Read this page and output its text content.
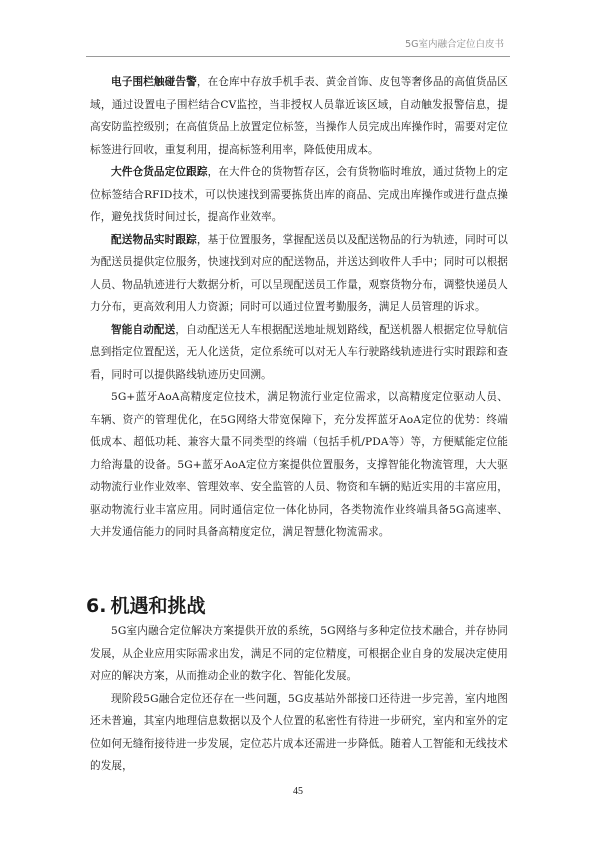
5G室内融合定位白皮书

电子围栏触碰告警，在仓库中存放手机手表、黄金首饰、皮包等奢侈品的高值货品区域，通过设置电子围栏结合CV监控，当非授权人员靠近该区域，自动触发报警信息，提高安防监控级别；在高值货品上放置定位标签，当操作人员完成出库操作时，需要对定位标签进行回收，重复利用，提高标签利用率，降低使用成本。

大件仓货品定位跟踪，在大件仓的货物暂存区，会有货物临时堆放，通过货物上的定位标签结合RFID技术，可以快速找到需要拣货出库的商品、完成出库操作或进行盘点操作，避免找货时间过长，提高作业效率。

配送物品实时跟踪，基于位置服务，掌握配送员以及配送物品的行为轨迹，同时可以为配送员提供定位服务，快速找到对应的配送物品，并送达到收件人手中；同时可以根据人员、物品轨迹进行大数据分析，可以呈现配送员工作量，观察货物分布，调整快递员人力分布，更高效利用人力资源；同时可以通过位置考勤服务，满足人员管理的诉求。

智能自动配送，自动配送无人车根据配送地址规划路线，配送机器人根据定位导航信息到指定位置配送，无人化送货，定位系统可以对无人车行驶路线轨迹进行实时跟踪和查看，同时可以提供路线轨迹历史回溯。

5G+蓝牙AoA高精度定位技术，满足物流行业定位需求，以高精度定位驱动人员、车辆、资产的管理优化，在5G网络大带宽保障下，充分发挥蓝牙AoA定位的优势：终端低成本、超低功耗、兼容大量不同类型的终端（包括手机/PDA等）等，方便赋能定位能力给海量的设备。5G+蓝牙AoA定位方案提供位置服务，支撑智能化物流管理，大大驱动物流行业作业效率、管理效率、安全监管的人员、物资和车辆的贴近实用的丰富应用，驱动物流行业丰富应用。同时通信定位一体化协同，各类物流作业终端具备5G高速率、大并发通信能力的同时具备高精度定位，满足智慧化物流需求。

6. 机遇和挑战

5G室内融合定位解决方案提供开放的系统，5G网络与多种定位技术融合，并存协同发展，从企业应用实际需求出发，满足不同的定位精度，可根据企业自身的发展决定使用对应的解决方案，从而推动企业的数字化、智能化发展。

现阶段5G融合定位还存在一些问题，5G皮基站外部接口还待进一步完善，室内地图还未普遍，其室内地理信息数据以及个人位置的私密性有待进一步研究，室内和室外的定位如何无缝衔接待进一步发展，定位芯片成本还需进一步降低。随着人工智能和无线技术的发展，

45
